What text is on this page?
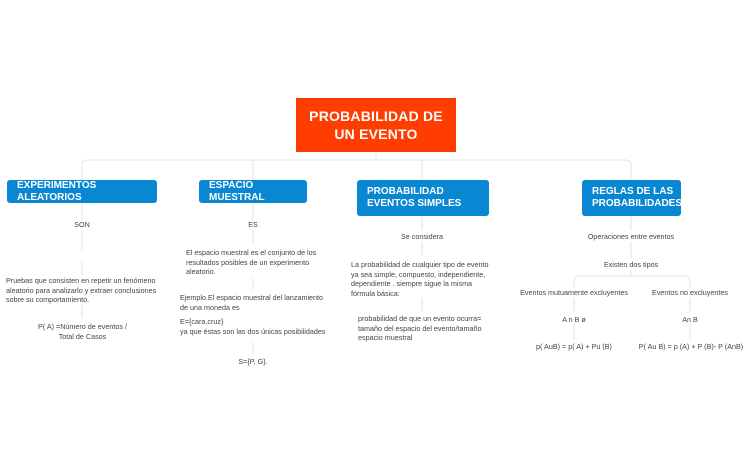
PROBABILIDAD DE UN EVENTO
EXPERIMENTOS ALEATORIOS
SON
Pruebas que consisten en repetir un fenómeno aleatorio para analizarlo y extraer conclusiones sobre su comportamiento.
P( A) =Número de eventos /
Total de Casos
ESPACIO MUESTRAL
ES
El espacio muestral es el conjunto de los resultados posibles de un experimento aleatorio.
Ejemplo.El espacio muestral del lanzamiento de una moneda es
E={cara,cruz}
ya que éstas son las dos únicas posibilidades
S={P, G}.
PROBABILIDAD EVENTOS SIMPLES
Se considera
La probabilidad de cualquier tipo de evento ya sea simple, compuesto, independiente, dependiente . siempre sigue la misma fórmula básica:
probabilidad de que un evento ocurra= tamaño del espacio del evento/tamaño espacio muestral
REGLAS DE LAS PROBABILIDADES
Operaciones entre eventos
Existen dos tipos
Eventos mutuamente excluyentes
A n B ø
p( AuB) = p( A) + Pu (B)
Eventos no excluyentes
An B
P( Au B) = p (A) + P (B)- P (AnB)
